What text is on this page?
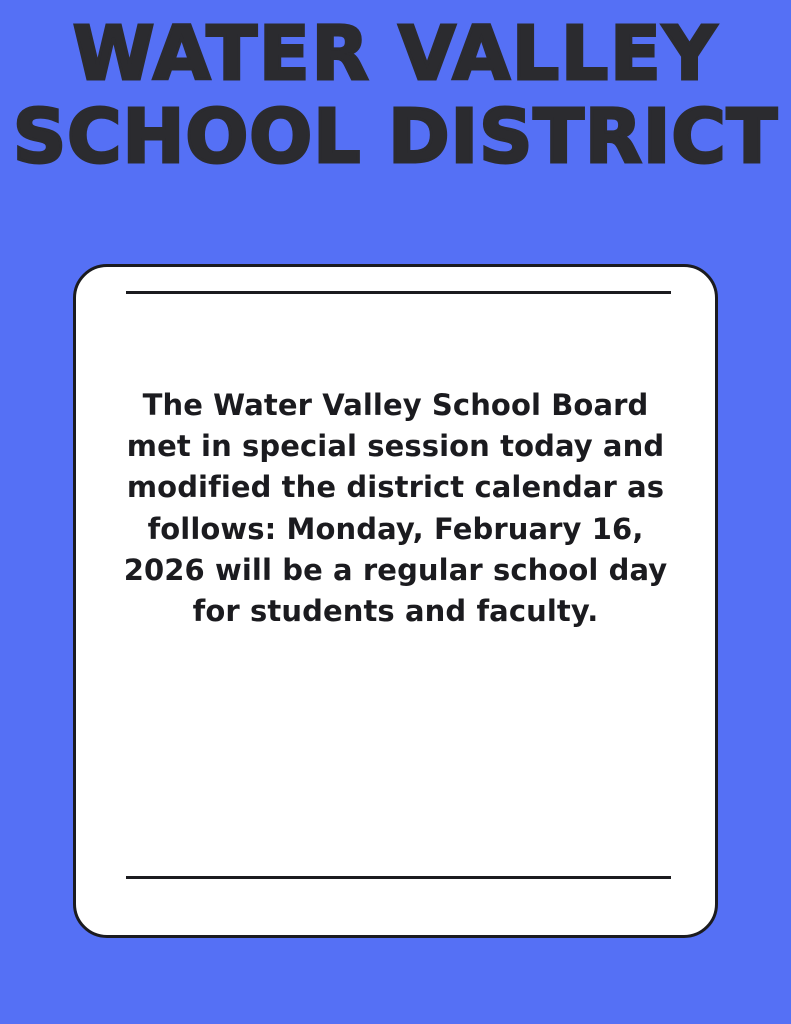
WATER VALLEY
SCHOOL DISTRICT
The Water Valley School Board met in special session today and modified the district calendar as follows: Monday, February 16, 2026 will be a regular school day for students and faculty.
